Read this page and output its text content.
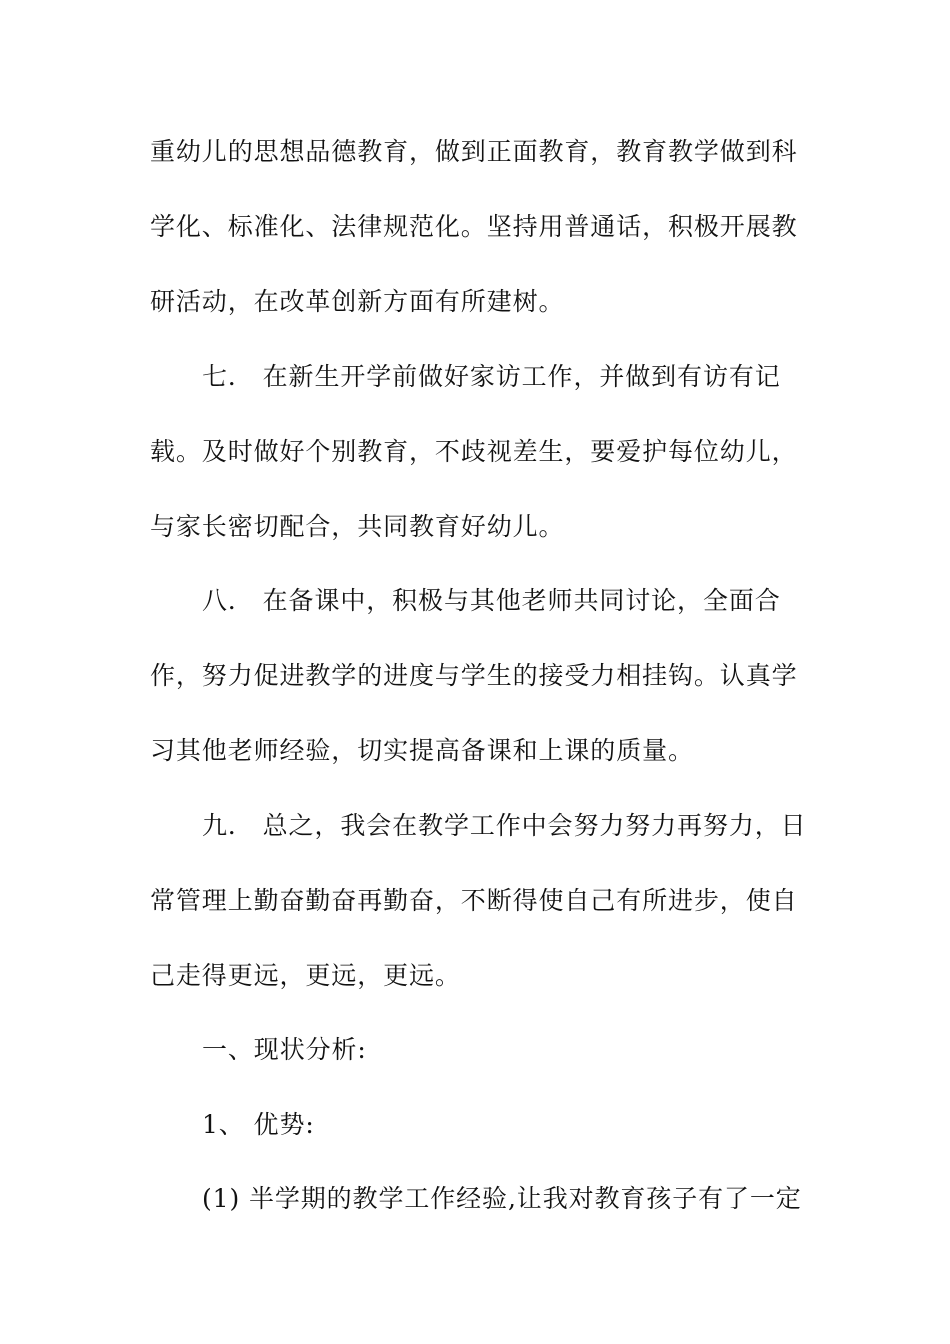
重幼儿的思想品德教育，做到正面教育，教育教学做到科
学化、标准化、法律规范化。坚持用普通话，积极开展教
研活动，在改革创新方面有所建树。
七． 在新生开学前做好家访工作，并做到有访有记
载。及时做好个别教育，不歧视差生，要爱护每位幼儿，
与家长密切配合，共同教育好幼儿。
八． 在备课中，积极与其他老师共同讨论，全面合
作，努力促进教学的进度与学生的接受力相挂钩。认真学
习其他老师经验，切实提高备课和上课的质量。
九． 总之，我会在教学工作中会努力努力再努力，日
常管理上勤奋勤奋再勤奋，不断得使自己有所进步，使自
己走得更远，更远，更远。
一、现状分析:
1、 优势:
(1) 半学期的教学工作经验,让我对教育孩子有了一定
